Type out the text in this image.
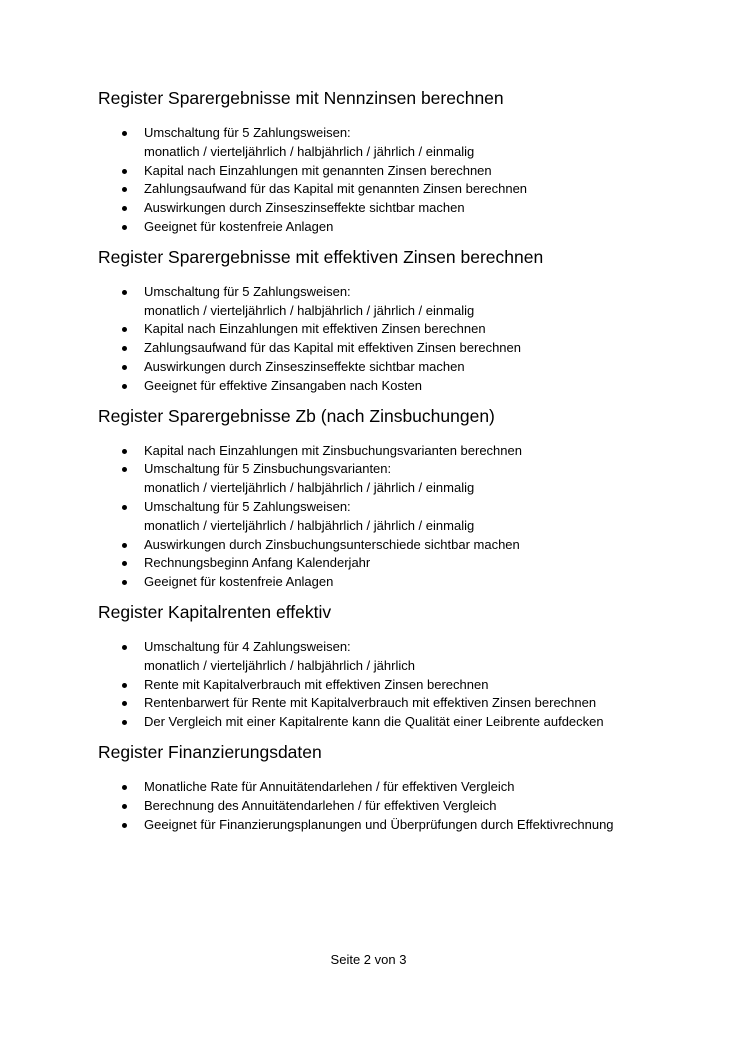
Register Sparergebnisse mit Nennzinsen berechnen
Umschaltung für 5 Zahlungsweisen:
monatlich / vierteljährlich / halbjährlich / jährlich / einmalig
Kapital nach Einzahlungen mit genannten Zinsen berechnen
Zahlungsaufwand für das Kapital mit genannten Zinsen berechnen
Auswirkungen durch Zinseszinseffekte sichtbar machen
Geeignet für kostenfreie Anlagen
Register Sparergebnisse mit effektiven Zinsen berechnen
Umschaltung für 5 Zahlungsweisen:
monatlich / vierteljährlich / halbjährlich / jährlich / einmalig
Kapital nach Einzahlungen mit effektiven Zinsen berechnen
Zahlungsaufwand für das Kapital mit effektiven Zinsen berechnen
Auswirkungen durch Zinseszinseffekte sichtbar machen
Geeignet für effektive Zinsangaben nach Kosten
Register Sparergebnisse Zb (nach Zinsbuchungen)
Kapital nach Einzahlungen mit Zinsbuchungsvarianten berechnen
Umschaltung für 5 Zinsbuchungsvarianten:
monatlich / vierteljährlich / halbjährlich / jährlich / einmalig
Umschaltung für 5 Zahlungsweisen:
monatlich / vierteljährlich / halbjährlich / jährlich / einmalig
Auswirkungen durch Zinsbuchungsunterschiede sichtbar machen
Rechnungsbeginn Anfang Kalenderjahr
Geeignet für kostenfreie Anlagen
Register Kapitalrenten effektiv
Umschaltung für 4 Zahlungsweisen:
monatlich / vierteljährlich / halbjährlich / jährlich
Rente mit Kapitalverbrauch mit effektiven Zinsen berechnen
Rentenbarwert für Rente mit Kapitalverbrauch mit effektiven Zinsen berechnen
Der Vergleich mit einer Kapitalrente kann die Qualität einer Leibrente aufdecken
Register Finanzierungsdaten
Monatliche Rate für Annuitätendarlehen / für effektiven Vergleich
Berechnung des Annuitätendarlehen / für effektiven Vergleich
Geeignet für Finanzierungsplanungen und Überprüfungen durch Effektivrechnung
Seite 2 von 3
